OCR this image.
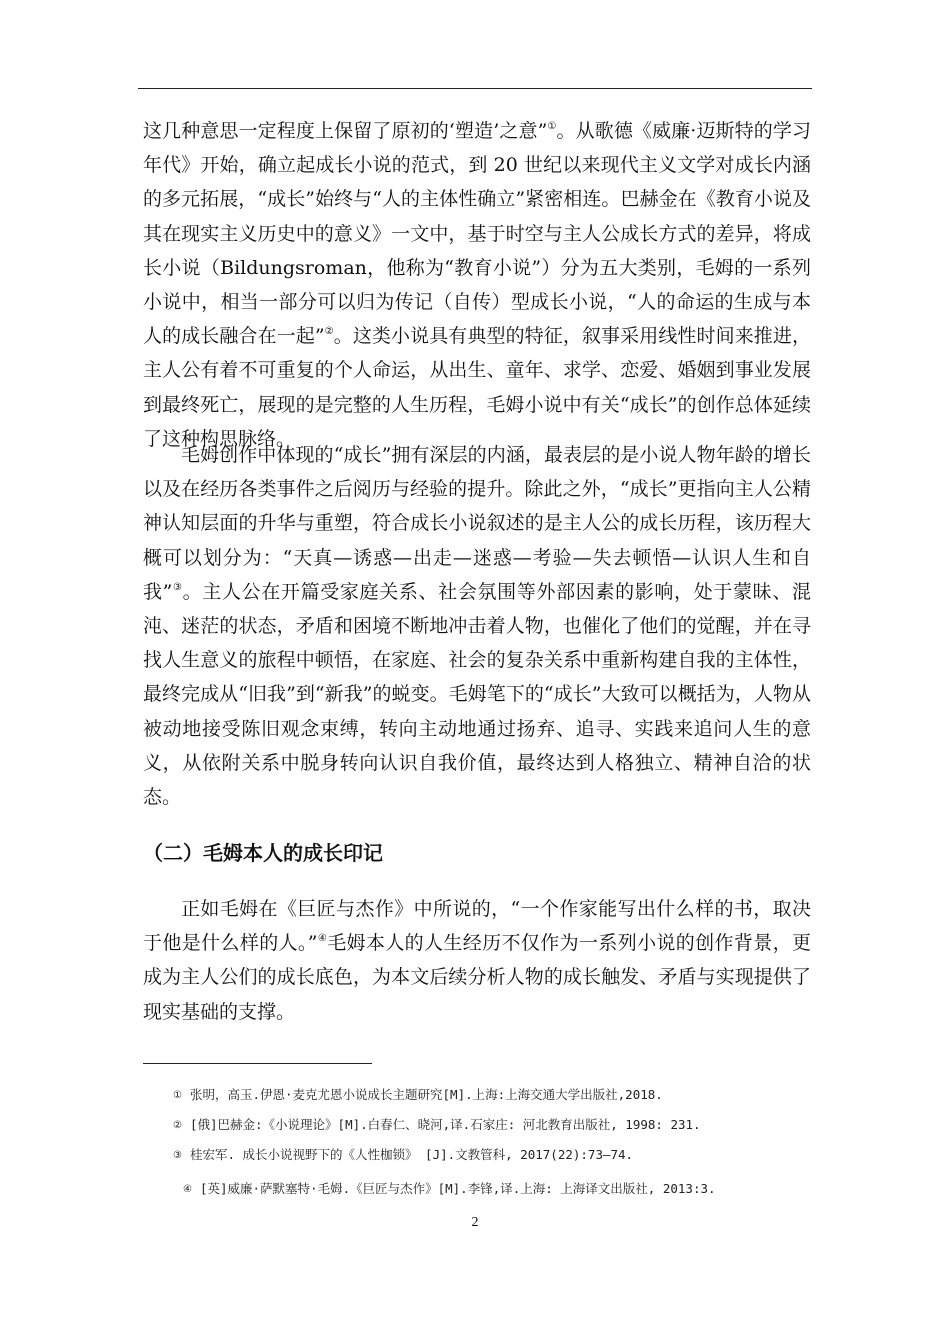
这几种意思一定程度上保留了原初的‘塑造’之意”①。从歌德《威廉·迈斯特的学习年代》开始，确立起成长小说的范式，到 20 世纪以来现代主义文学对成长内涵的多元拓展，“成长”始终与“人的主体性确立”紧密相连。巴赫金在《教育小说及其在现实主义历史中的意义》一文中，基于时空与主人公成长方式的差异，将成长小说（Bildungsroman，他称为“教育小说”）分为五大类别，毛姆的一系列小说中，相当一部分可以归为传记（自传）型成长小说，“人的命运的生成与本人的成长融合在一起”②。这类小说具有典型的特征，叙事采用线性时间来推进，主人公有着不可重复的个人命运，从出生、童年、求学、恋爱、婚姻到事业发展到最终死亡，展现的是完整的人生历程，毛姆小说中有关“成长”的创作总体延续了这种构思脉络。

毛姆创作中体现的“成长”拥有深层的内涵，最表层的是小说人物年龄的增长以及在经历各类事件之后阅历与经验的提升。除此之外，“成长”更指向主人公精神认知层面的升华与重塑，符合成长小说叙述的是主人公的成长历程，该历程大概可以划分为：“天真—诱惑—出走—迷惑—考验—失去顿悟—认识人生和自我”③。主人公在开篇受家庭关系、社会氛围等外部因素的影响，处于蒙昧、混沌、迷茫的状态，矛盾和困境不断地冲击着人物，也催化了他们的觉醒，并在寻找人生意义的旅程中顿悟，在家庭、社会的复杂关系中重新构建自我的主体性，最终完成从“旧我”到“新我”的蜕变。毛姆笔下的“成长”大致可以概括为，人物从被动地接受陈旧观念束缚，转向主动地通过扬弃、追寻、实践来追问人生的意义，从依附关系中脱身转向认识自我价值，最终达到人格独立、精神自洽的状态。

（二）毛姆本人的成长印记

正如毛姆在《巨匠与杰作》中所说的，“一个作家能写出什么样的书，取决于他是什么样的人。”④毛姆本人的人生经历不仅作为一系列小说的创作背景，更成为主人公们的成长底色，为本文后续分析人物的成长触发、矛盾与实现提供了现实基础的支撑。

① 张明，高玉.伊恩·麦克尤恩小说成长主题研究[M].上海:上海交通大学出版社,2018.

② [俄]巴赫金:《小说理论》[M].白春仁、晓河,译.石家庄: 河北教育出版社, 1998: 231.

③ 桂宏军. 成长小说视野下的《人性枷锁》 [J].文教管科, 2017(22):73—74.

④ [英]威廉·萨默塞特·毛姆.《巨匠与杰作》[M].李锋,译.上海: 上海译文出版社, 2013:3.

2
